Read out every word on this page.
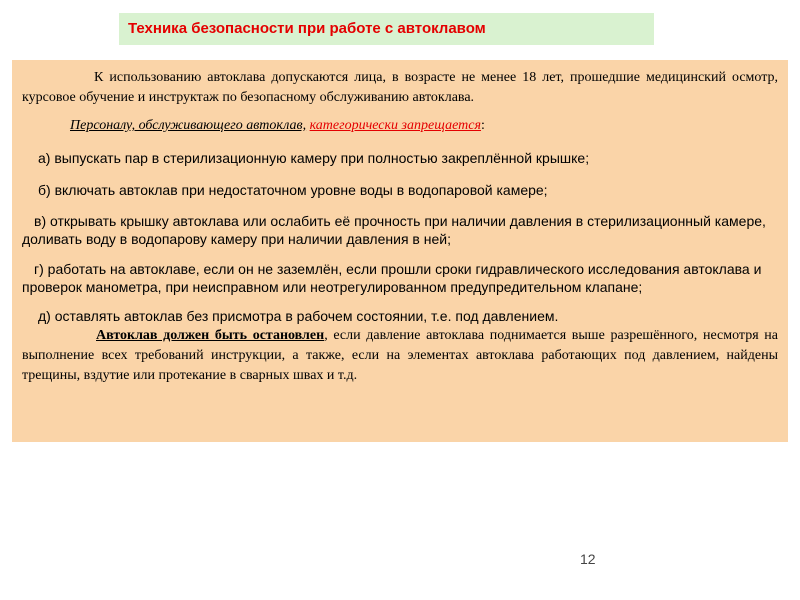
Техника безопасности при работе с автоклавом

К использованию автоклава допускаются лица, в возрасте не менее 18 лет, прошедшие медицинский осмотр, курсовое обучение и инструктаж по безопасному обслуживанию автоклава.

Персоналу, обслуживающего автоклав, категорически запрещается:

а) выпускать пар в стерилизационную камеру при полностью закреплённой крышке;

б) включать автоклав при недостаточном уровне воды в водопаровой камере;

в) открывать крышку автоклава или ослабить её прочность при наличии давления в стерилизационный камере, доливать воду в водопарову камеру при наличии давления в ней;

г) работать на автоклаве, если он не заземлён, если прошли сроки гидравлического исследования автоклава и проверок манометра, при неисправном или неотрегулированном предупредительном клапане;

д) оставлять автоклав без присмотра в рабочем состоянии, т.е. под давлением.

Автоклав должен быть остановлен, если давление автоклава поднимается выше разрешённого, несмотря на выполнение всех требований инструкции, а также, если на элементах автоклава работающих под давлением, найдены трещины, вздутие или протекание в сварных швах и т.д.

12
